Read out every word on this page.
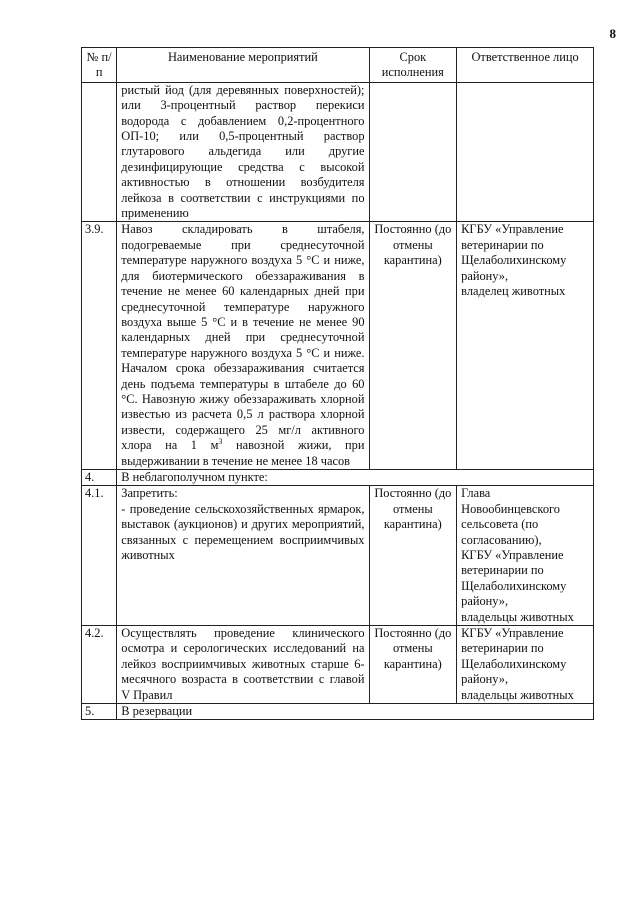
8
№ п/п	Наименование мероприятий	Срок исполнения	Ответственное лицо
	ристый йод (для деревянных поверхностей); или 3-процентный раствор перекиси водорода с добавлением 0,2-процентного ОП-10; или 0,5-процентный раствор глутарового альдегида или другие дезинфицирующие средства с высокой активностью в отношении возбудителя лейкоза в соответствии с инструкциями по применению		
3.9.	Навоз складировать в штабеля, подогреваемые при среднесуточной температуре наружного воздуха 5 °С и ниже, для биотермического обеззараживания в течение не менее 60 календарных дней при среднесуточной температуре наружного воздуха выше 5 °С и в течение не менее 90 календарных дней при среднесуточной температуре наружного воздуха 5 °С и ниже. Началом срока обеззараживания считается день подъема температуры в штабеле до 60 °С. Навозную жижу обеззараживать хлорной известью из расчета 0,5 л раствора хлорной извести, содержащего 25 мг/л активного хлора на 1 $м^3$ навозной жижи, при выдерживании в течение не менее 18 часов	Постоянно (до отмены карантина)	КГБУ «Управление ветеринарии по Щелаболихинскому району»,
владелец животных
4.	В неблагополучном пункте:		
4.1.	Запретить:
- проведение сельскохозяйственных ярмарок, выставок (аукционов) и других мероприятий, связанных с перемещением восприимчивых животных	Постоянно (до отмены карантина)	Глава Новообинцевского сельсовета (по согласованию),
КГБУ «Управление ветеринарии по Щелаболихинскому району»,
владельцы животных
4.2.	Осуществлять проведение клинического осмотра и серологических исследований на лейкоз восприимчивых животных старше 6-месячного возраста в соответствии с главой V Правил	Постоянно (до отмены карантина)	КГБУ «Управление ветеринарии по Щелаболихинскому району»,
владельцы животных
5.	В резервации		
